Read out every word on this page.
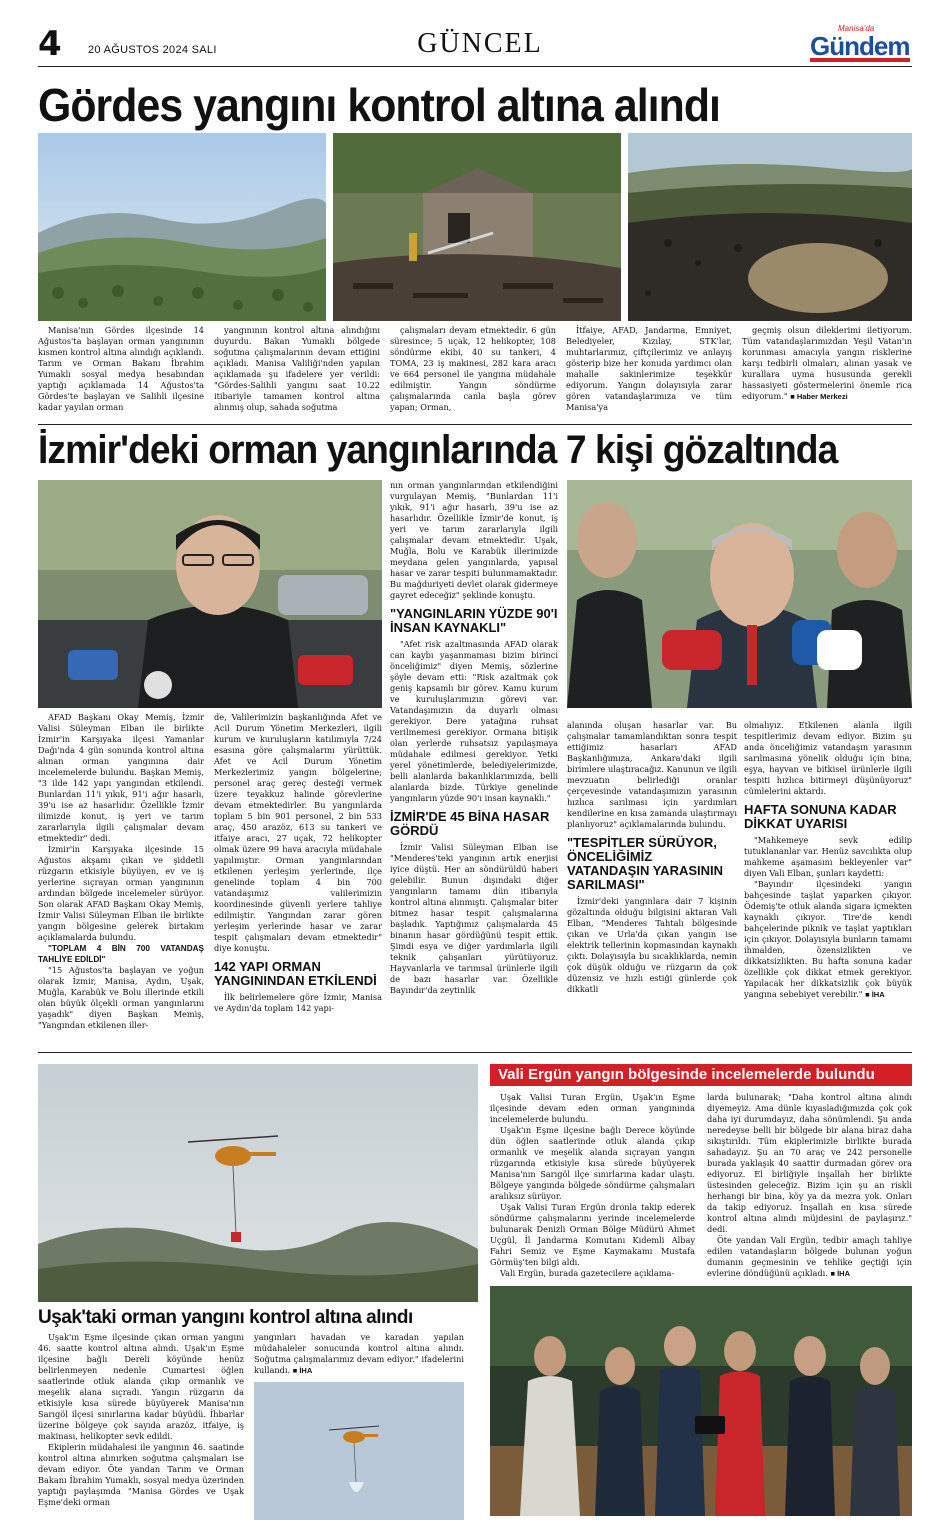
4 20 AĞUSTOS 2024 SALI	GÜNCEL	Manisa'da
Gündem
Gördes yangını kontrol altına alındı

Manisa'nın Gördes ilçesinde 14 Ağustos'ta başlayan orman yangınının kısmen kontrol altına alındığı açıklandı. Tarım ve Orman Bakanı İbrahim Yumaklı sosyal medya hesabından yaptığı açıklamada 14 Ağustos'ta Gördes'te başlayan ve Salihli ilçesine kadar yayılan orman

yangınının kontrol altına alındığını duyurdu. Bakan Yumaklı bölgede soğutma çalışmalarının devam ettiğini açıkladı. Manisa Valiliği'nden yapılan açıklamada şu ifadelere yer verildi: "Gördes-Salihli yangını saat 10.22 itibariyle tamamen kontrol altına alınmış olup, sahada soğutma

çalışmaları devam etmektedir. 6 gün süresince; 5 uçak, 12 helikopter, 108 söndürme ekibi, 40 su tankeri, 4 TOMA, 23 iş makinesi, 282 kara aracı ve 664 personel ile yangına müdahale edilmiştir. Yangın söndürme çalışmalarında canla başla görev yapan; Orman,

İtfaiye, AFAD, Jandarma, Emniyet, Belediyeler, Kızılay, STK'lar, muhtarlarımız, çiftçilerimiz ve anlayış gösterip bize her konuda yardımcı olan mahalle sakinlerimize teşekkür ediyorum. Yangın dolayısıyla zarar gören vatandaşlarımıza ve tüm Manisa'ya

geçmiş olsun dileklerimi iletiyorum. Tüm vatandaşlarımızdan Yeşil Vatan'ın korunması amacıyla yangın risklerine karşı tedbirli olmaları, alınan yasak ve kurallara uyma hususunda gerekli hassasiyeti göstermelerini önemle rica ediyorum." ■ Haber Merkezi

İzmir'deki orman yangınlarında 7 kişi gözaltında

AFAD Başkanı Okay Memiş, İzmir Valisi Süleyman Elban ile birlikte İzmir'in Karşıyaka ilçesi Yamanlar Dağı'nda 4 gün sonunda kontrol altına alınan orman yangınına dair incelemelerde bulundu. Başkan Memiş, "3 ilde 142 yapı yangından etkilendi. Bunlardan 11'i yıkık, 91'i ağır hasarlı, 39'u ise az hasarlıdır. Özellikle İzmir ilimizde konut, iş yeri ve tarım zararlarıyla ilgili çalışmalar devam etmektedir" dedi.

İzmir'in Karşıyaka ilçesinde 15 Ağustos akşamı çıkan ve şiddetli rüzgarın etkisiyle büyüyen, ev ve iş yerlerine sıçrayan orman yangınının ardından bölgede incelemeler sürüyor. Son olarak AFAD Başkanı Okay Memiş, İzmir Valisi Süleyman Elban ile birlikte yangın bölgesine gelerek birtakım açıklamalarda bulundu.

"TOPLAM 4 BİN 700 VATANDAŞ TAHLİYE EDİLDİ"

"15 Ağustos'ta başlayan ve yoğun olarak İzmir, Manisa, Aydın, Uşak, Muğla, Karabük ve Bolu illerinde etkili olan büyük ölçekli orman yangınlarını yaşadık" diyen Başkan Memiş, "Yangından etkilenen iller-

de, Valilerimizin başkanlığında Afet ve Acil Durum Yönetim Merkezleri, ilgili kurum ve kuruluşların katılımıyla 7/24 esasına göre çalışmalarını yürüttük. Afet ve Acil Durum Yönetim Merkezlerimiz yangın bölgelerine; personel araç gereç desteği vermek üzere teyakkuz halinde görevlerine devam etmektedirler. Bu yangınlarda toplam 5 bin 901 personel, 2 bin 533 araç, 450 arazöz, 613 su tankeri ve itfaiye aracı, 27 uçak, 72 helikopter olmak üzere 99 hava aracıyla müdahale yapılmıştır. Orman yangınlarından etkilenen yerleşim yerlerinde, ilçe genelinde toplam 4 bin 700 vatandaşımız valilerimizin koordinesinde güvenli yerlere tahliye edilmiştir. Yangından zarar gören yerleşim yerlerinde hasar ve zarar tespit çalışmaları devam etmektedir" diye konuştu.

142 YAPI ORMAN YANGININDAN ETKİLENDİ

İlk belirlemelere göre İzmir, Manisa ve Aydın'da toplam 142 yapı-

nın orman yangınlarından etkilendiğini vurgulayan Memiş, "Bunlardan 11'i yıkık, 91'i ağır hasarlı, 39'u ise az hasarlıdır. Özellikle İzmir'de konut, iş yeri ve tarım zararlarıyla ilgili çalışmalar devam etmektedir. Uşak, Muğla, Bolu ve Karabük illerimizde meydana gelen yangınlarda, yapısal hasar ve zarar tespiti bulunmamaktadır. Bu mağduriyeti devlet olarak gidermeye gayret edeceğiz" şeklinde konuştu.

"YANGINLARIN YÜZDE 90'I İNSAN KAYNAKLI"

"Afet risk azaltmasında AFAD olarak can kaybı yaşanmaması bizim birinci önceliğimiz" diyen Memiş, sözlerine şöyle devam etti: "Risk azaltmak çok geniş kapsamlı bir görev. Kamu kurum ve kuruluşlarımızın görevi var. Vatandaşımızın da duyarlı olması gerekiyor. Dere yatağına ruhsat verilmemesi gerekiyor. Ormana bitişik olan yerlerde ruhsatsız yapılaşmaya müdahale edilmesi gerekiyor. Yetki yerel yönetimlerde, belediyelerimizde, belli alanlarda bakanlıklarımızda, belli alanlarda bizde. Türkiye genelinde yangınların yüzde 90'ı insan kaynaklı."

İZMİR'DE 45 BİNA HASAR GÖRDÜ

İzmir Valisi Süleyman Elban ise "Menderes'teki yangının artık enerjisi iyice düştü. Her an söndürüldü haberi gelebilir. Bunun dışındaki diğer yangınların tamamı dün itibarıyla kontrol altına alınmıştı. Çalışmalar biter bitmez hasar tespit çalışmalarına başladık. Yaptığımız çalışmalarda 45 binanın hasar gördüğünü tespit ettik. Şimdi esya ve diğer yardımlarla ilgili teknik çalışanları yürütüyoruz. Hayvanlarla ve tarımsal ürünlerle ilgili de bazı hasarlar var. Özellikle Bayındır'da zeytinlik

alanında oluşan hasarlar var. Bu çalışmalar tamamlandıktan sonra tespit ettiğimiz hasarları AFAD Başkanlığımıza, Ankara'daki ilgili birimlere ulaştıracağız. Kanunun ve ilgili mevzuatın belirlediği oranlar çerçevesinde vatandaşımızın yarasının hızlıca sarılması için yardımları kendilerine en kısa zamanda ulaştırmayı planlıyoruz" açıklamalarında bulundu.

"TESPİTLER SÜRÜYOR, ÖNCELİĞİMİZ VATANDAŞIN YARASININ SARILMASI"

İzmir'deki yangınlara dair 7 kişinin gözaltında olduğu bilgisini aktaran Vali Elban, "Menderes Tahtalı bölgesinde çıkan ve Urla'da çıkan yangın ise elektrik tellerinin kopmasından kaynaklı çıktı. Dolayısıyla bu sıcaklıklarda, nemin çok düşük olduğu ve rüzgarın da çok düzensiz ve hızlı estiği günlerde çok dikkatli

olmalıyız. Etkilenen alanla ilgili tespitlerimiz devam ediyor. Bizim şu anda önceliğimiz vatandaşın yarasının sarılmasına yönelik olduğu için bina, eşya, hayvan ve bitkisel ürünlerle ilgili tespiti hızlıca bitirmeyi düşünüyoruz" cümlelerini aktardı.

HAFTA SONUNA KADAR DİKKAT UYARISI

"Mahkemeye sevk edilip tutuklananlar var. Henüz savcılıkta olup mahkeme aşamasını bekleyenler var" diyen Vali Elban, şunları kaydetti:

"Bayındır ilçesindeki yangın bahçesinde taşlat yaparken çıkıyor. Ödemiş'te otluk alanda sigara içmekten kaynaklı çıkıyor. Tire'de kendi bahçelerinde piknik ve taşlat yaptıkları için çıkıyor. Dolayısıyla bunların tamamı ihmalden, özensizlikten ve dikkatsizlikten. Bu hafta sonuna kadar özellikle çok dikkat etmek gerekiyor. Yapılacak her dikkatsizlik çok büyük yangına sebebiyet verebilir." ■ İHA

Vali Ergün yangın bölgesinde incelemelerde bulundu

Uşak Valisi Turan Ergün, Uşak'ın Eşme ilçesinde devam eden orman yangınında incelemelerde bulundu.

Uşak'ın Eşme ilçesine bağlı Derece köyünde dün öğlen saatlerinde otluk alanda çıkıp ormanlık ve meşelik alanda sıçrayan yangın rüzgarında etkisiyle kısa sürede büyüyerek Manisa'nın Sarıgöl ilçe sınırlarına kadar ulaştı. Bölgeye yangında bölgede söndürme çalışmaları aralıksız sürüyor.

Uşak Valisi Turan Ergün dronla takip ederek söndürme çalışmalarını yerinde incelemelerde bulunarak Denizli Orman Bölge Müdürü Ahmet Uçgül, İl Jandarma Komutanı Kıdemli Albay Fahri Semiz ve Eşme Kaymakamı Mustafa Görmüş'ten bilgi aldı.

Vali Ergün, burada gazetecilere açıklama-

larda bulunarak; "Daha kontrol altına alındı diyemeyiz. Ama dünle kıyasladığımızda çok çok daha iyi durumdayız, daha sönümlendi. Şu anda neredeyse belli bir bölgede bir alana biraz daha sıkıştırıldı. Tüm ekiplerimizle birlikte burada sahadayız. Şu an 70 araç ve 242 personelle burada yaklaşık 40 saattir durmadan görev ora ediyoruz. El birliğiyle inşallah her birlikte üstesinden geleceğiz. Bizim için şu an riskli herhangi bir bina, köy ya da mezra yok. Onları da takip ediyoruz. İnşallah en kısa sürede kontrol altına alındı müjdesini de paylaşırız." dedi.

Öte yandan Vali Ergün, tedbir amaçlı tahliye edilen vatandaşların bölgede bulunan yoğun dumanın geçmesinin ve tehlike geçtiği için evlerine döndüğünü açıkladı. ■ İHA

Uşak'taki orman yangını kontrol altına alındı

Uşak'ın Eşme ilçesinde çıkan orman yangını 46. saatte kontrol altına alındı. Uşak'ın Eşme ilçesine bağlı Dereli köyünde henüz belirlenmeyen nedenle Cumartesi öğlen saatlerinde otluk alanda çıkıp ormanlık ve meşelik alana sıçradı. Yangın rüzgarın da etkisiyle kısa sürede büyüyerek Manisa'nın Sarıgöl ilçesi sınırlarına kadar büyüdü. İhbarlar üzerine bölgeye çok sayıda arazöz, itfaiye, iş makinası, helikopter sevk edildi.

Ekiplerin müdahalesi ile yangının 46. saatinde kontrol altına alınırken soğutma çalışmaları ise devam ediyor. Öte yandan Tarım ve Orman Bakanı İbrahim Yumaklı, sosyal medya üzerinden yaptığı paylaşımda "Manisa Gördes ve Uşak Eşme'deki orman

yangınları havadan ve karadan yapılan müdahaleler sonucunda kontrol altına alındı. Soğutma çalışmalarımız devam ediyor." ifadelerini kullandı. ■ İHA
